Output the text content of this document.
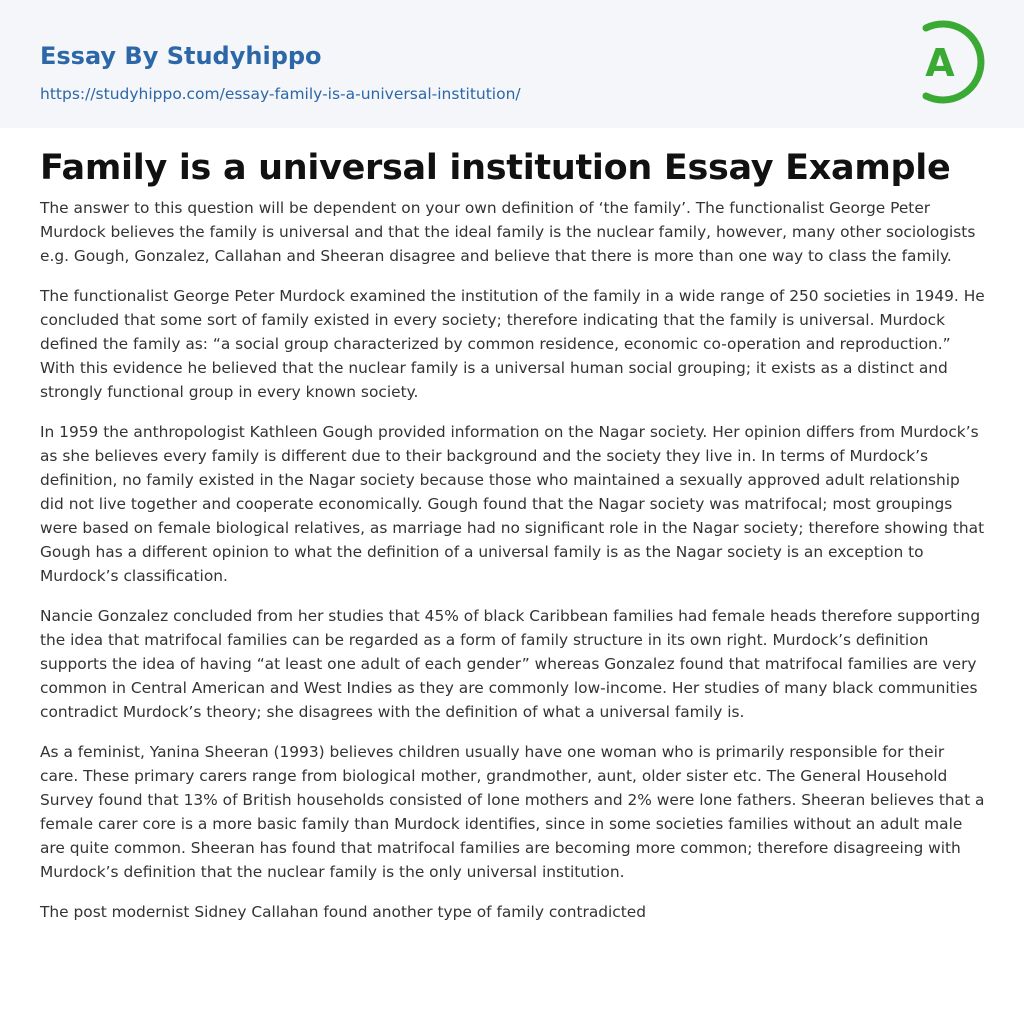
Essay By Studyhippo
https://studyhippo.com/essay-family-is-a-universal-institution/
A
Family is a universal institution Essay Example

The answer to this question will be dependent on your own definition of ‘the family’. The functionalist George Peter Murdock believes the family is universal and that the ideal family is the nuclear family, however, many other sociologists e.g. Gough, Gonzalez, Callahan and Sheeran disagree and believe that there is more than one way to class the family.

The functionalist George Peter Murdock examined the institution of the family in a wide range of 250 societies in 1949. He concluded that some sort of family existed in every society; therefore indicating that the family is universal. Murdock defined the family as: “a social group characterized by common residence, economic co-operation and reproduction.” With this evidence he believed that the nuclear family is a universal human social grouping; it exists as a distinct and strongly functional group in every known society.

In 1959 the anthropologist Kathleen Gough provided information on the Nagar society. Her opinion differs from Murdock’s as she believes every family is different due to their background and the society they live in. In terms of Murdock’s definition, no family existed in the Nagar society because those who maintained a sexually approved adult relationship did not live together and cooperate economically. Gough found that the Nagar society was matrifocal; most groupings were based on female biological relatives, as marriage had no significant role in the Nagar society; therefore showing that Gough has a different opinion to what the definition of a universal family is as the Nagar society is an exception to Murdock’s classification.

Nancie Gonzalez concluded from her studies that 45% of black Caribbean families had female heads therefore supporting the idea that matrifocal families can be regarded as a form of family structure in its own right. Murdock’s definition supports the idea of having “at least one adult of each gender” whereas Gonzalez found that matrifocal families are very common in Central American and West Indies as they are commonly low-income. Her studies of many black communities contradict Murdock’s theory; she disagrees with the definition of what a universal family is.

As a feminist, Yanina Sheeran (1993) believes children usually have one woman who is primarily responsible for their care. These primary carers range from biological mother, grandmother, aunt, older sister etc. The General Household Survey found that 13% of British households consisted of lone mothers and 2% were lone fathers. Sheeran believes that a female carer core is a more basic family than Murdock identifies, since in some societies families without an adult male are quite common. Sheeran has found that matrifocal families are becoming more common; therefore disagreeing with Murdock’s definition that the nuclear family is the only universal institution.

The post modernist Sidney Callahan found another type of family contradicted
